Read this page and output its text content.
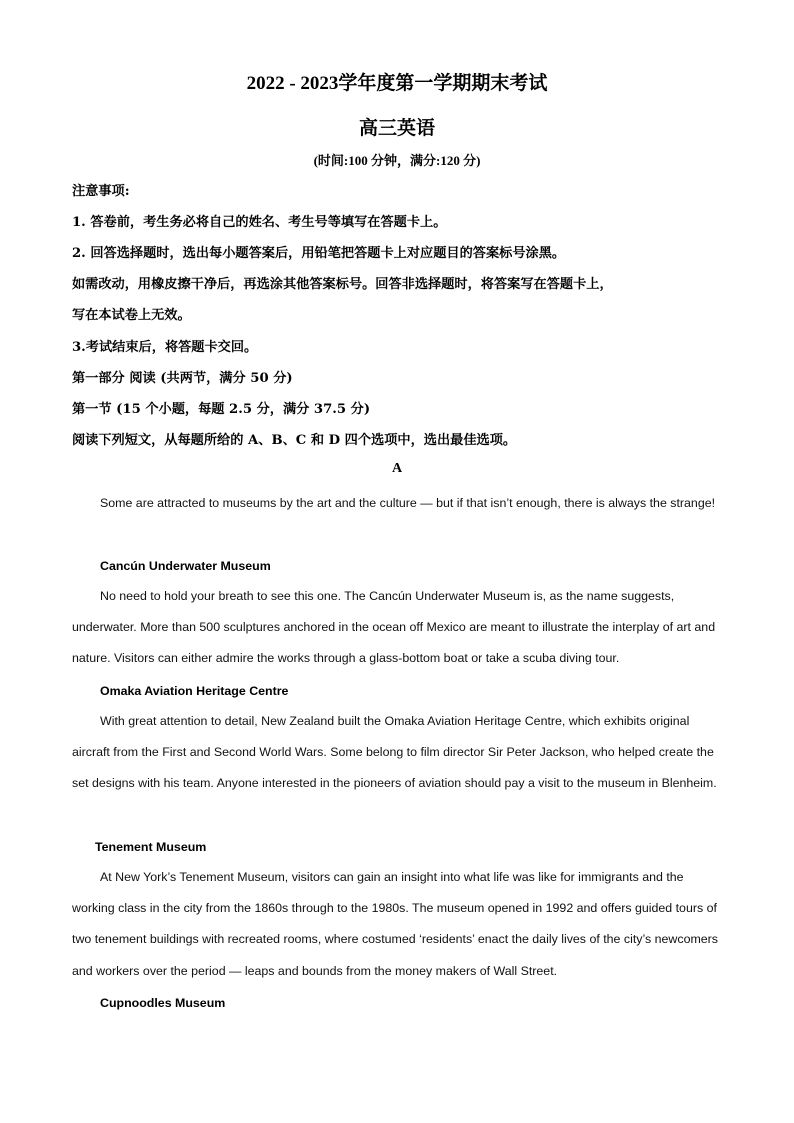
2022 - 2023学年度第一学期期末考试
高三英语
(时间:100 分钟，满分:120 分)
注意事项:
1. 答卷前，考生务必将自己的姓名、考生号等填写在答题卡上。
2. 回答选择题时，选出每小题答案后，用铅笔把答题卡上对应题目的答案标号涂黑。
如需改动，用橡皮擦干净后，再选涂其他答案标号。回答非选择题时，将答案写在答题卡上，
写在本试卷上无效。
3.考试结束后，将答题卡交回。
第一部分 阅读 (共两节，满分 50 分)
第一节 (15 个小题，每题 2.5 分，满分 37.5 分)
阅读下列短文，从每题所给的 A、B、C 和 D 四个选项中，选出最佳选项。
A
Some are attracted to museums by the art and the culture — but if that isn’t enough, there is always the strange!
Cancún Underwater Museum
No need to hold your breath to see this one. The Cancún Underwater Museum is, as the name suggests, underwater. More than 500 sculptures anchored in the ocean off Mexico are meant to illustrate the interplay of art and nature. Visitors can either admire the works through a glass-bottom boat or take a scuba diving tour.
Omaka Aviation Heritage Centre
With great attention to detail, New Zealand built the Omaka Aviation Heritage Centre, which exhibits original aircraft from the First and Second World Wars. Some belong to film director Sir Peter Jackson, who helped create the set designs with his team. Anyone interested in the pioneers of aviation should pay a visit to the museum in Blenheim.
Tenement Museum
At New York’s Tenement Museum, visitors can gain an insight into what life was like for immigrants and the working class in the city from the 1860s through to the 1980s. The museum opened in 1992 and offers guided tours of two tenement buildings with recreated rooms, where costumed ‘residents’ enact the daily lives of the city’s newcomers and workers over the period — leaps and bounds from the money makers of Wall Street.
Cupnoodles Museum
